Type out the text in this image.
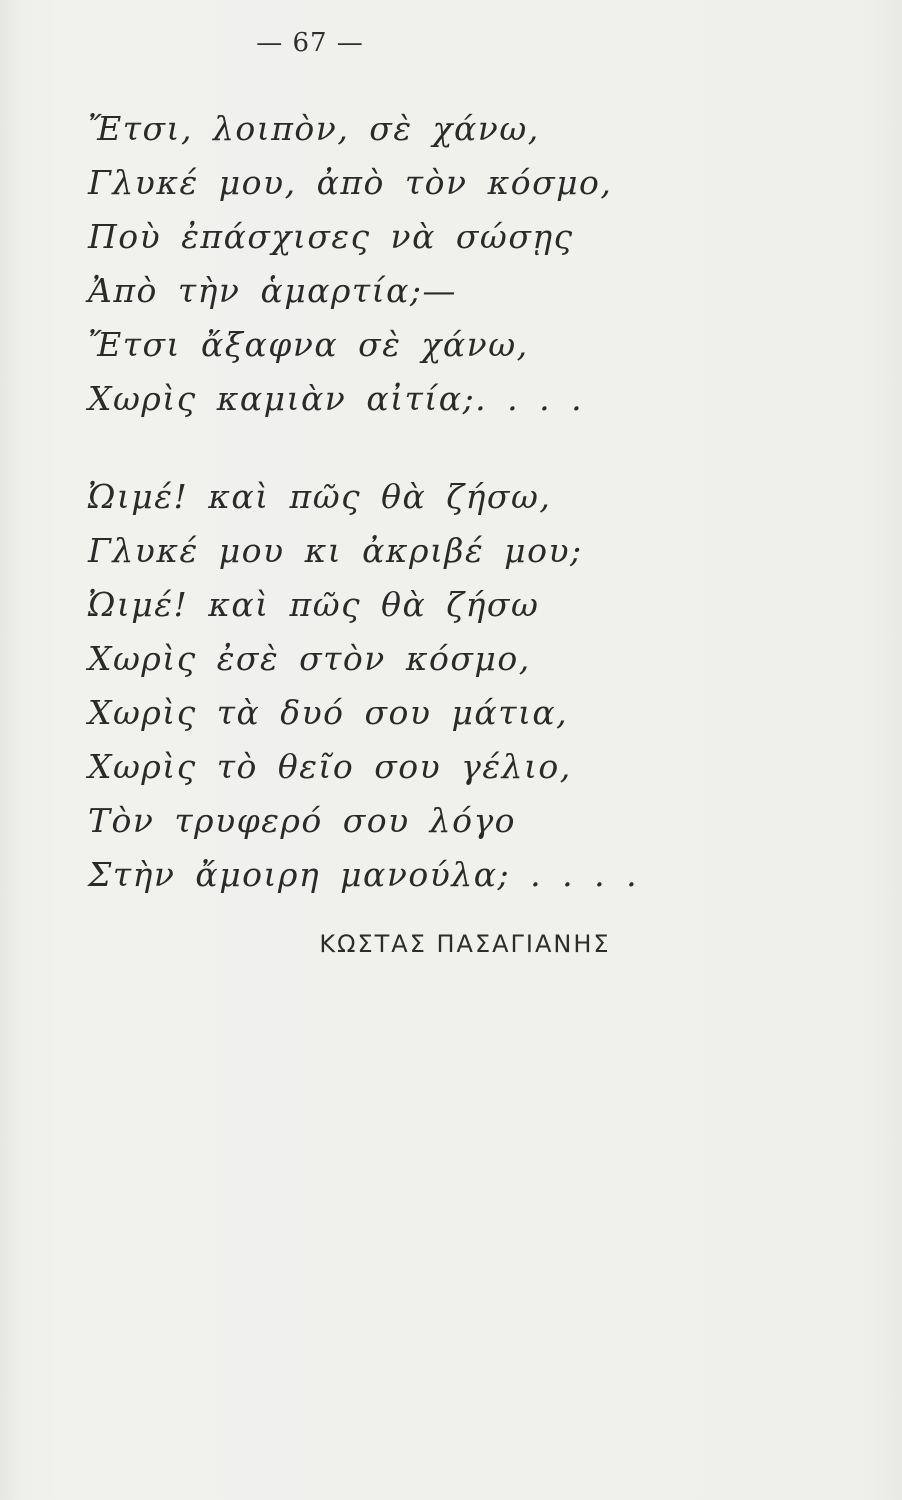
— 67 —
Ἔτσι, λοιπὸν, σὲ χάνω,
Γλυκέ μου, ἀπὸ τὸν κόσμο,
Ποὺ ἐπάσχισες νὰ σώσῃς
Ἀπὸ τὴν ἁμαρτία;—
Ἔτσι ἄξαφνα σὲ χάνω,
Χωρὶς καμιὰν αἰτία;. . . .
Ὠιμέ! καὶ πῶς θὰ ζήσω,
Γλυκέ μου κι ἀκριβέ μου;
Ὠιμέ! καὶ πῶς θὰ ζήσω
Χωρὶς ἐσὲ στὸν κόσμο,
Χωρὶς τὰ δυό σου μάτια,
Χωρὶς τὸ θεῖο σου γέλιο,
Τὸν τρυφερό σου λόγο
Στὴν ἄμοιρη μανούλα; . . . .
ΚΩΣΤΑΣ ΠΑΣΑΓΙΑΝΗΣ
